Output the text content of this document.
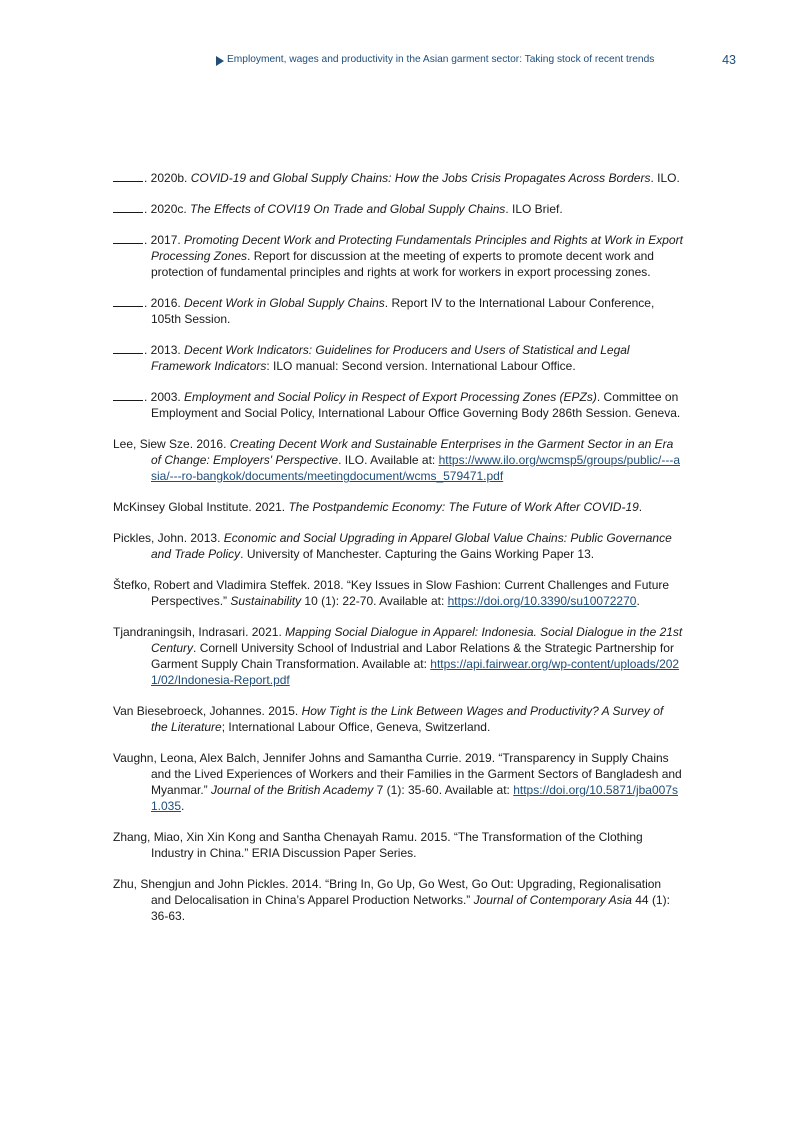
Employment, wages and productivity in the Asian garment sector: Taking stock of recent trends	43

. 2020b. COVID-19 and Global Supply Chains: How the Jobs Crisis Propagates Across Borders. ILO.

. 2020c. The Effects of COVI19 On Trade and Global Supply Chains. ILO Brief.

. 2017. Promoting Decent Work and Protecting Fundamentals Principles and Rights at Work in Export Processing Zones. Report for discussion at the meeting of experts to promote decent work and protection of fundamental principles and rights at work for workers in export processing zones.

. 2016. Decent Work in Global Supply Chains. Report IV to the International Labour Conference, 105th Session.

. 2013. Decent Work Indicators: Guidelines for Producers and Users of Statistical and Legal Framework Indicators: ILO manual: Second version. International Labour Office.

. 2003. Employment and Social Policy in Respect of Export Processing Zones (EPZs). Committee on Employment and Social Policy, International Labour Office Governing Body 286th Session. Geneva.

Lee, Siew Sze. 2016. Creating Decent Work and Sustainable Enterprises in the Garment Sector in an Era of Change: Employers' Perspective. ILO. Available at: https://www.ilo.org/wcmsp5/groups/public/---asia/---ro-bangkok/documents/meetingdocument/wcms_579471.pdf

McKinsey Global Institute. 2021. The Postpandemic Economy: The Future of Work After COVID-19.

Pickles, John. 2013. Economic and Social Upgrading in Apparel Global Value Chains: Public Governance and Trade Policy. University of Manchester. Capturing the Gains Working Paper 13.

Štefko, Robert and Vladimira Steffek. 2018. “Key Issues in Slow Fashion: Current Challenges and Future Perspectives.” Sustainability 10 (1): 22-70. Available at: https://doi.org/10.3390/su10072270.

Tjandraningsih, Indrasari. 2021. Mapping Social Dialogue in Apparel: Indonesia. Social Dialogue in the 21st Century. Cornell University School of Industrial and Labor Relations & the Strategic Partnership for Garment Supply Chain Transformation. Available at: https://api.fairwear.org/wp-content/uploads/2021/02/Indonesia-Report.pdf

Van Biesebroeck, Johannes. 2015. How Tight is the Link Between Wages and Productivity? A Survey of the Literature; International Labour Office, Geneva, Switzerland.

Vaughn, Leona, Alex Balch, Jennifer Johns and Samantha Currie. 2019. “Transparency in Supply Chains and the Lived Experiences of Workers and their Families in the Garment Sectors of Bangladesh and Myanmar.” Journal of the British Academy 7 (1): 35-60. Available at: https://doi.org/10.5871/jba007s1.035.

Zhang, Miao, Xin Xin Kong and Santha Chenayah Ramu. 2015. “The Transformation of the Clothing Industry in China.” ERIA Discussion Paper Series.

Zhu, Shengjun and John Pickles. 2014. “Bring In, Go Up, Go West, Go Out: Upgrading, Regionalisation and Delocalisation in China’s Apparel Production Networks.” Journal of Contemporary Asia 44 (1): 36-63.
